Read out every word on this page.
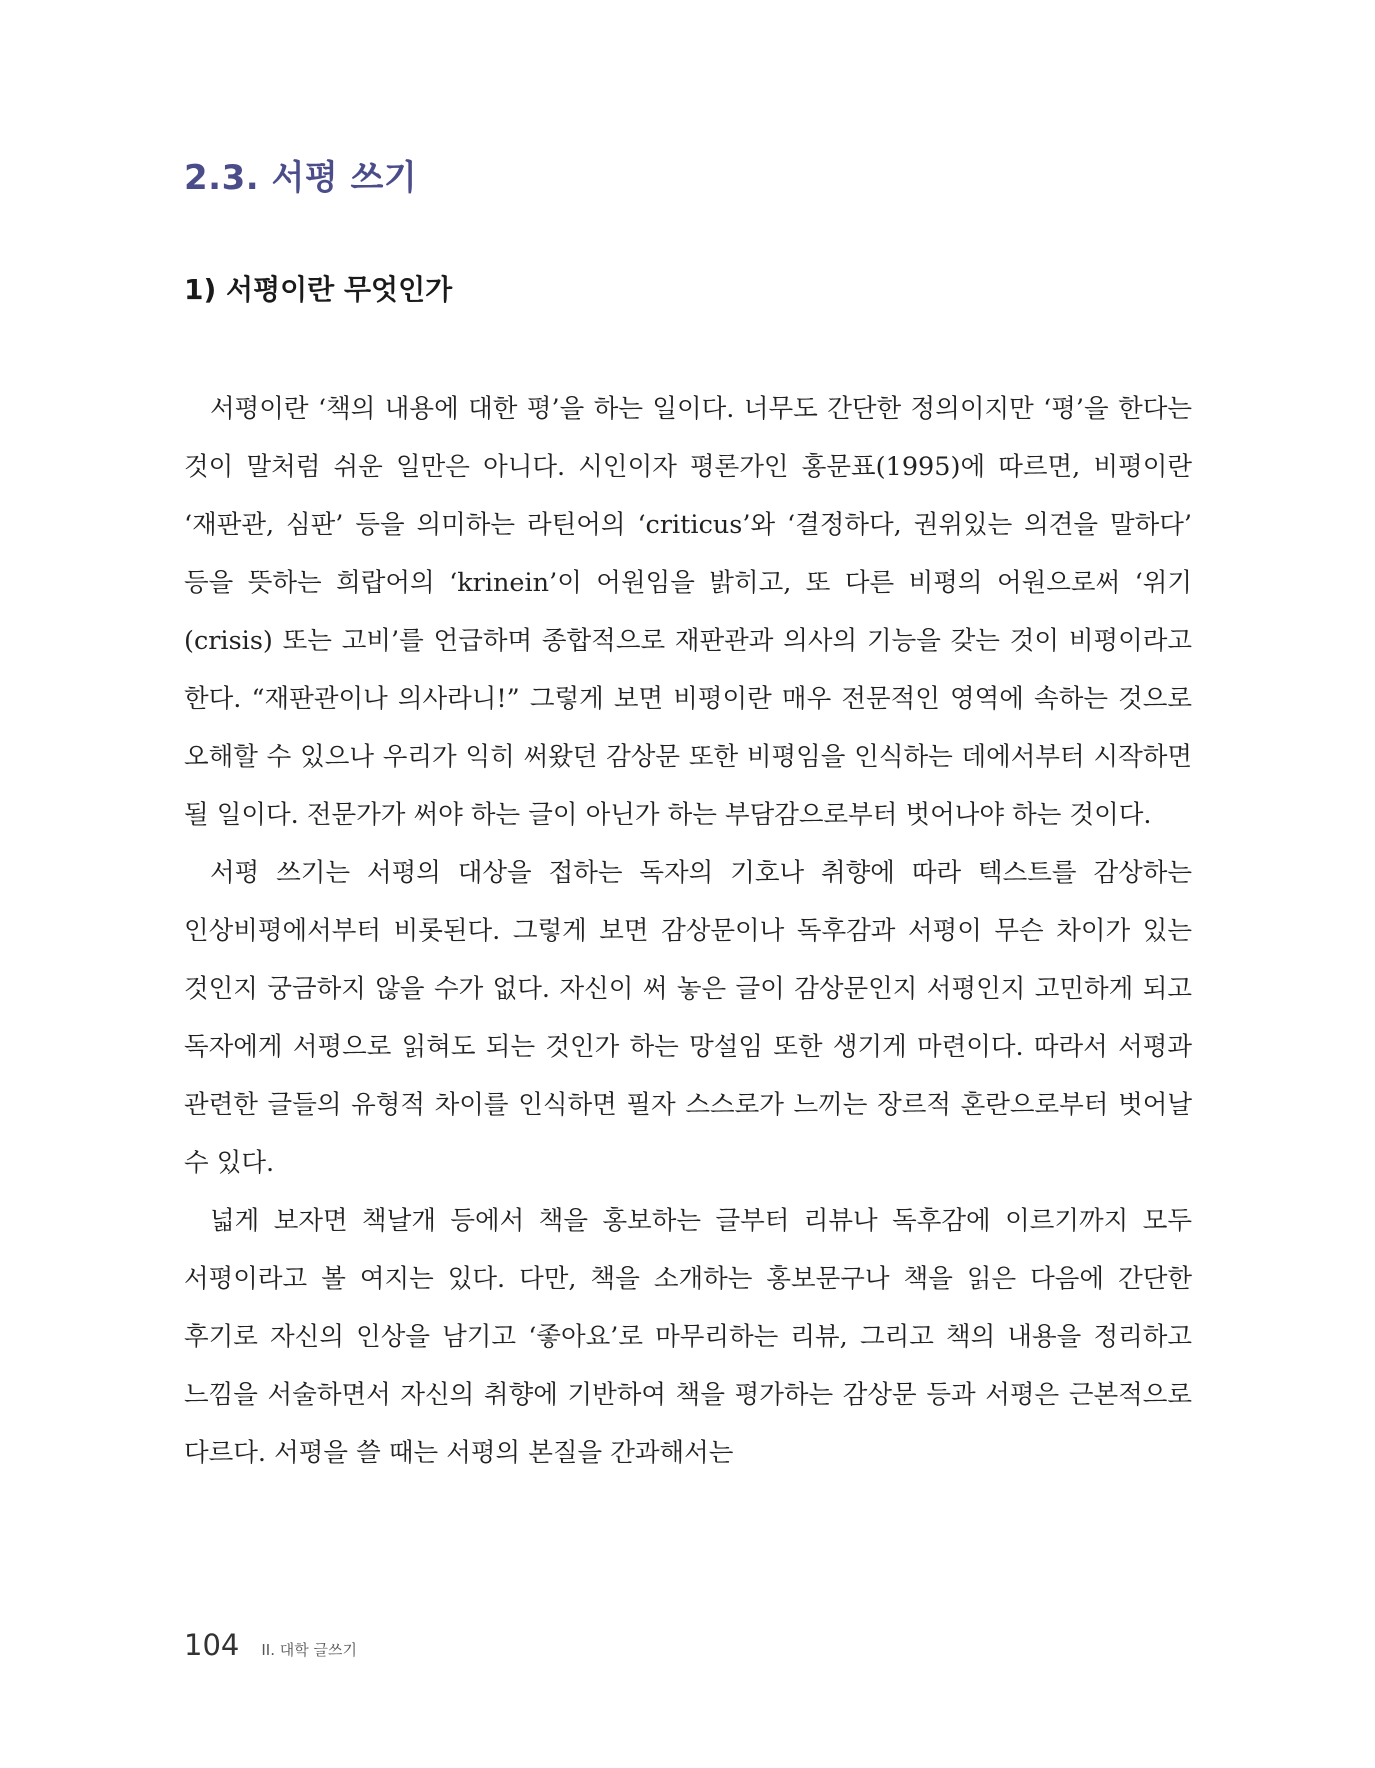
2.3. 서평 쓰기
1) 서평이란 무엇인가

서평이란 ‘책의 내용에 대한 평’을 하는 일이다. 너무도 간단한 정의이지만 ‘평’을 한다는 것이 말처럼 쉬운 일만은 아니다. 시인이자 평론가인 홍문표(1995)에 따르면, 비평이란 ‘재판관, 심판’ 등을 의미하는 라틴어의 ‘criticus’와 ‘결정하다, 권위있는 의견을 말하다’ 등을 뜻하는 희랍어의 ‘krinein’이 어원임을 밝히고, 또 다른 비평의 어원으로써 ‘위기(crisis) 또는 고비’를 언급하며 종합적으로 재판관과 의사의 기능을 갖는 것이 비평이라고 한다. “재판관이나 의사라니!” 그렇게 보면 비평이란 매우 전문적인 영역에 속하는 것으로 오해할 수 있으나 우리가 익히 써왔던 감상문 또한 비평임을 인식하는 데에서부터 시작하면 될 일이다. 전문가가 써야 하는 글이 아닌가 하는 부담감으로부터 벗어나야 하는 것이다.

서평 쓰기는 서평의 대상을 접하는 독자의 기호나 취향에 따라 텍스트를 감상하는 인상비평에서부터 비롯된다. 그렇게 보면 감상문이나 독후감과 서평이 무슨 차이가 있는 것인지 궁금하지 않을 수가 없다. 자신이 써 놓은 글이 감상문인지 서평인지 고민하게 되고 독자에게 서평으로 읽혀도 되는 것인가 하는 망설임 또한 생기게 마련이다. 따라서 서평과 관련한 글들의 유형적 차이를 인식하면 필자 스스로가 느끼는 장르적 혼란으로부터 벗어날 수 있다.

넓게 보자면 책날개 등에서 책을 홍보하는 글부터 리뷰나 독후감에 이르기까지 모두 서평이라고 볼 여지는 있다. 다만, 책을 소개하는 홍보문구나 책을 읽은 다음에 간단한 후기로 자신의 인상을 남기고 ‘좋아요’로 마무리하는 리뷰, 그리고 책의 내용을 정리하고 느낌을 서술하면서 자신의 취향에 기반하여 책을 평가하는 감상문 등과 서평은 근본적으로 다르다. 서평을 쓸 때는 서평의 본질을 간과해서는

104 II. 대학 글쓰기
